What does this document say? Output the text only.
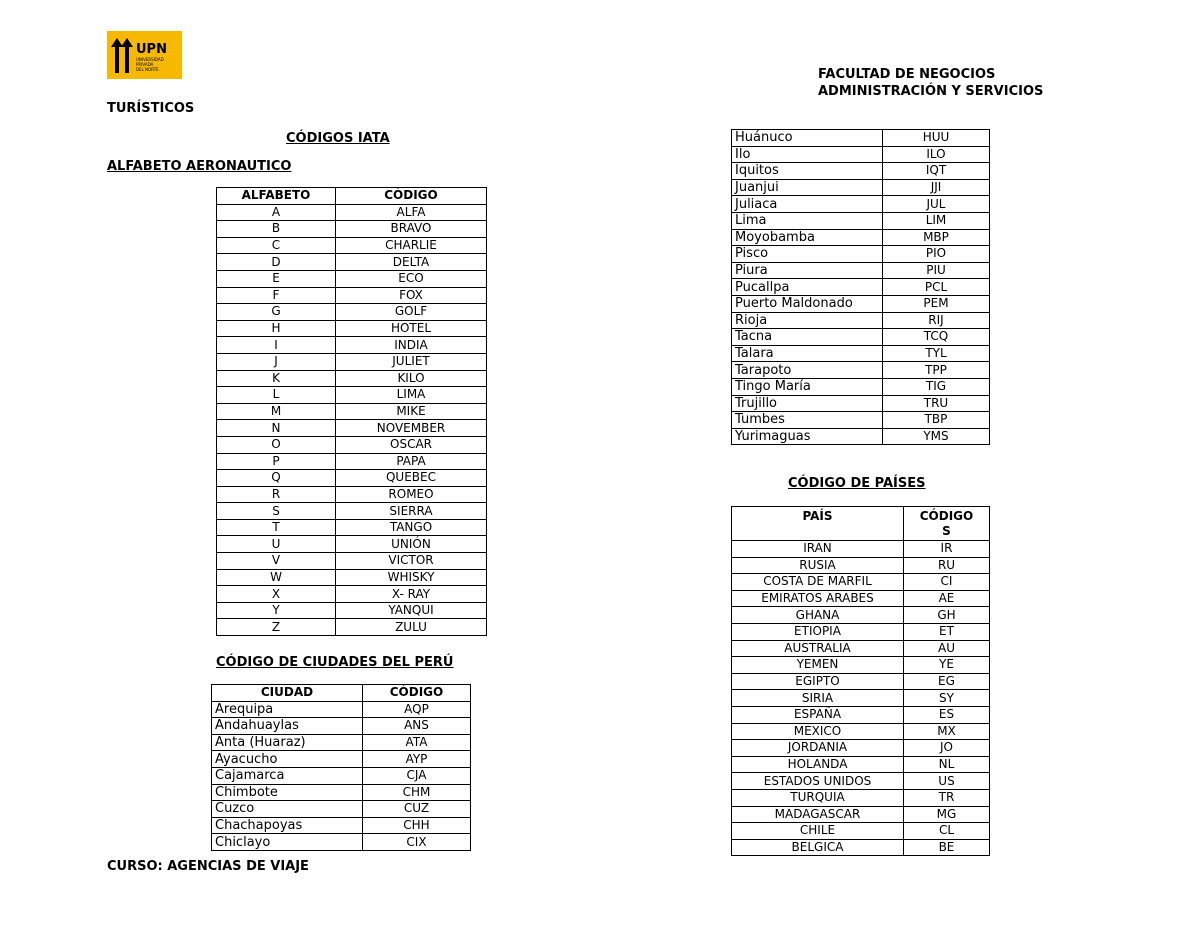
UPN
UNIVERSIDAD
PRIVADA
DEL NORTE	FACULTAD DE NEGOCIOS
ADMINISTRACIÓN Y SERVICIOS
TURÍSTICOS
CÓDIGOS IATA
ALFABETO AERONAUTICO
CÓDIGO DE CIUDADES DEL PERÚ
CÓDIGO DE PAÍSES
CURSO: AGENCIAS DE VIAJE
ALFABETO	CÓDIGO
A	ALFA
B	BRAVO
C	CHARLIE
D	DELTA
E	ECO
F	FOX
G	GOLF
H	HOTEL
I	INDIA
J	JULIET
K	KILO
L	LIMA
M	MIKE
N	NOVEMBER
O	OSCAR
P	PAPA
Q	QUEBEC
R	ROMEO
S	SIERRA
T	TANGO
U	UNIÓN
V	VICTOR
W	WHISKY
X	X- RAY
Y	YANQUI
Z	ZULU
CIUDAD	CÓDIGO
Arequipa	AQP
Andahuaylas	ANS
Anta (Huaraz)	ATA
Ayacucho	AYP
Cajamarca	CJA
Chimbote	CHM
Cuzco	CUZ
Chachapoyas	CHH
Chiclayo	CIX
Huánuco	HUU
Ilo	ILO
Iquitos	IQT
Juanjui	JJI
Juliaca	JUL
Lima	LIM
Moyobamba	MBP
Pisco	PIO
Piura	PIU
Pucallpa	PCL
Puerto Maldonado	PEM
Rioja	RIJ
Tacna	TCQ
Talara	TYL
Tarapoto	TPP
Tingo María	TIG
Trujillo	TRU
Tumbes	TBP
Yurimaguas	YMS
PAÍS	CÓDIGO S
IRAN	IR
RUSIA	RU
COSTA DE MARFIL	CI
EMIRATOS ARABES	AE
GHANA	GH
ETIOPIA	ET
AUSTRALIA	AU
YEMEN	YE
EGIPTO	EG
SIRIA	SY
ESPAÑA	ES
MEXICO	MX
JORDANIA	JO
HOLANDA	NL
ESTADOS UNIDOS	US
TURQUIA	TR
MADAGASCAR	MG
CHILE	CL
BELGICA	BE
